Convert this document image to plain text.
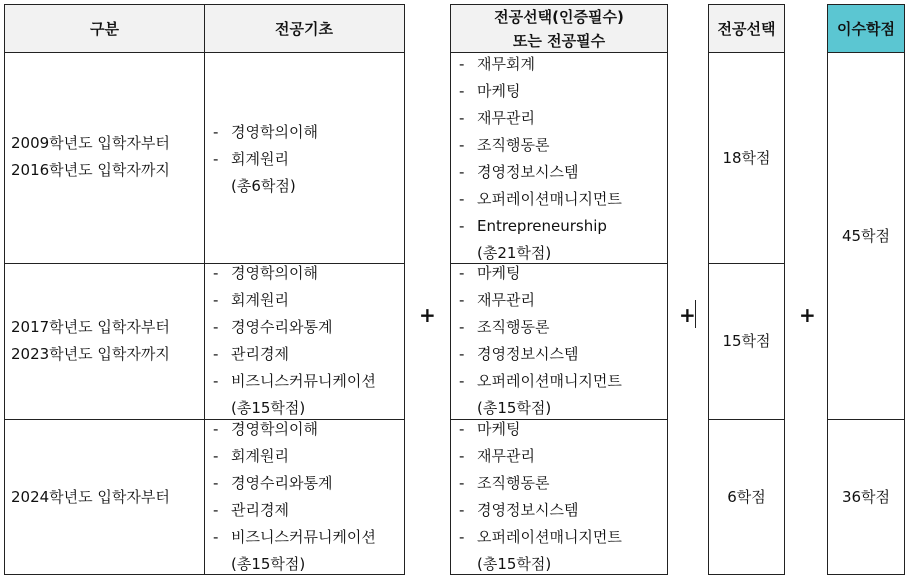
구분	전공기초
2009학년도 입학자부터
2016학년도 입학자까지
- 경영학의이해
- 회계원리
(총6학점)
2017학년도 입학자부터
2023학년도 입학자까지
- 경영학의이해
- 회계원리
- 경영수리와통계
- 관리경제
- 비즈니스커뮤니케이션
(총15학점)
2024학년도 입학자부터
- 경영학의이해
- 회계원리
- 경영수리와통계
- 관리경제
- 비즈니스커뮤니케이션
(총15학점)
+
전공선택(인증필수)
또는 전공필수
- 재무회계
- 마케팅
- 재무관리
- 조직행동론
- 경영정보시스템
- 오퍼레이션매니지먼트
- Entrepreneurship
(총21학점)
- 마케팅
- 재무관리
- 조직행동론
- 경영정보시스템
- 오퍼레이션매니지먼트
(총15학점)
- 마케팅
- 재무관리
- 조직행동론
- 경영정보시스템
- 오퍼레이션매니지먼트
(총15학점)
+
전공선택
18학점
15학점
6학점
+
이수학점
45학점
36학점
